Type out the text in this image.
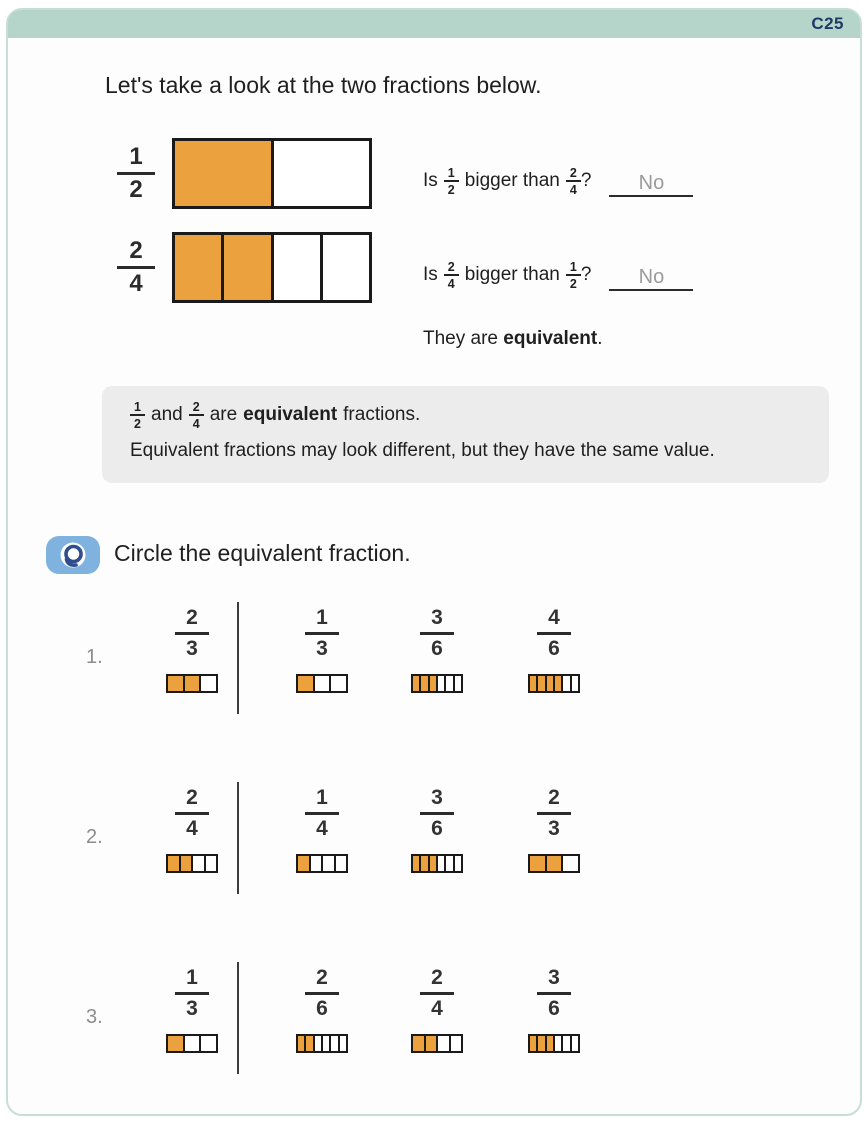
C25
Let's take a look at the two fractions below.
1
2
2
4
Is 1
2 bigger than 2
4 ?	No
Is 2
4 bigger than 1
2 ?	No
They are equivalent.
1
2 and 2
4 are equivalent fractions.
Equivalent fractions may look different, but they have the same value.
Circle the equivalent fraction.
1.	$\frac{2}{3}$	$\frac{1}{3}$	$\frac{3}{6}$	$\frac{4}{6}$
2.	$\frac{2}{4}$	$\frac{1}{4}$	$\frac{3}{6}$	$\frac{2}{3}$
3.	$\frac{1}{3}$	$\frac{2}{6}$	$\frac{2}{4}$	$\frac{3}{6}$
